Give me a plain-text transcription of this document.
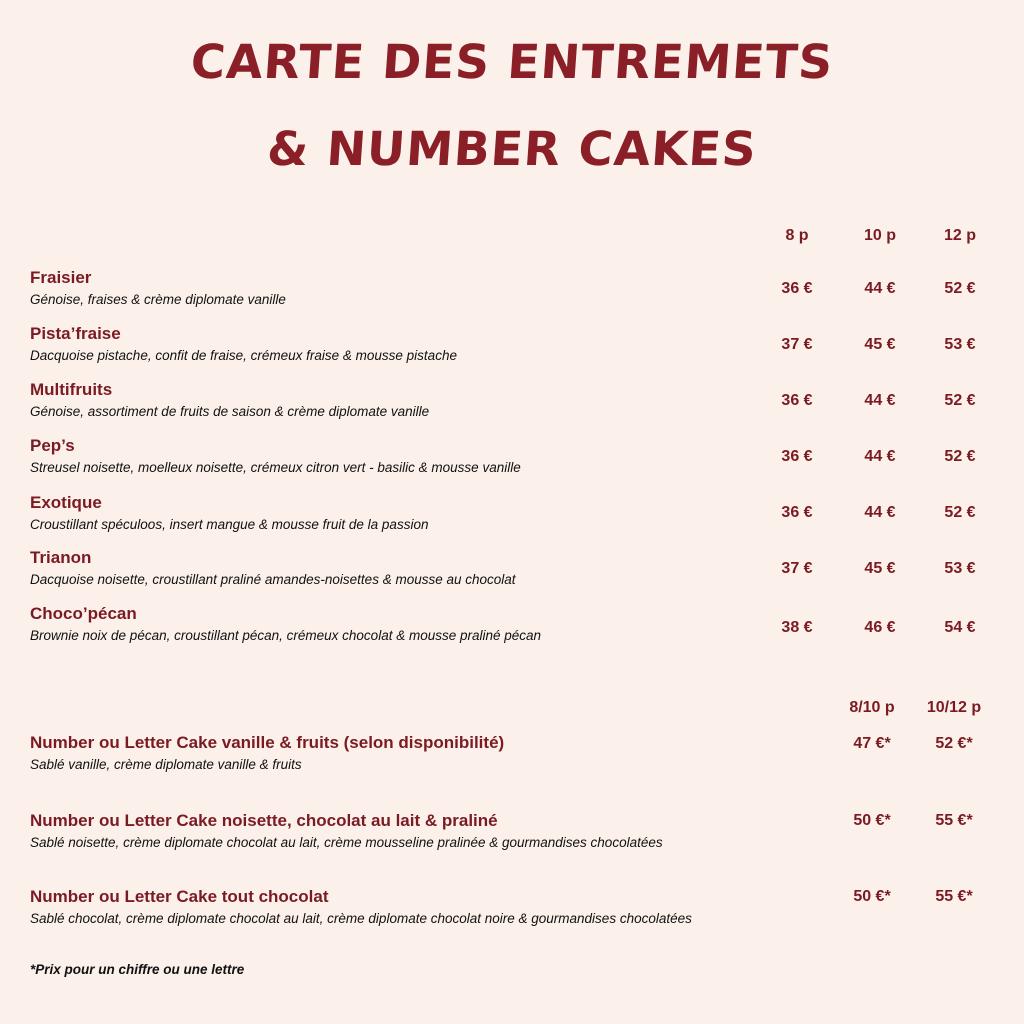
CARTE DES ENTREMETS
& NUMBER CAKES
8 p	10 p	12 p
Fraisier
Génoise, fraises & crème diplomate vanille
36 €	44 €	52 €
Pista’fraise
Dacquoise pistache, confit de fraise, crémeux fraise & mousse pistache
37 €	45 €	53 €
Multifruits
Génoise, assortiment de fruits de saison & crème diplomate vanille
36 €	44 €	52 €
Pep’s
Streusel noisette, moelleux noisette, crémeux citron vert - basilic & mousse vanille
36 €	44 €	52 €
Exotique
Croustillant spéculoos, insert mangue & mousse fruit de la passion
36 €	44 €	52 €
Trianon
Dacquoise noisette, croustillant praliné amandes-noisettes & mousse au chocolat
37 €	45 €	53 €
Choco’pécan
Brownie noix de pécan, croustillant pécan, crémeux chocolat & mousse praliné pécan	38 €	46 €	54 €
8/10 p	10/12 p
Number ou Letter Cake vanille & fruits (selon disponibilité)
Sablé vanille, crème diplomate vanille & fruits
47 €*	52 €*
Number ou Letter Cake noisette, chocolat au lait & praliné
Sablé noisette, crème diplomate chocolat au lait, crème mousseline pralinée & gourmandises chocolatées
50 €*	55 €*
Number ou Letter Cake tout chocolat
Sablé chocolat, crème diplomate chocolat au lait, crème diplomate chocolat noire & gourmandises chocolatées
50 €*	55 €*
*Prix pour un chiffre ou une lettre
